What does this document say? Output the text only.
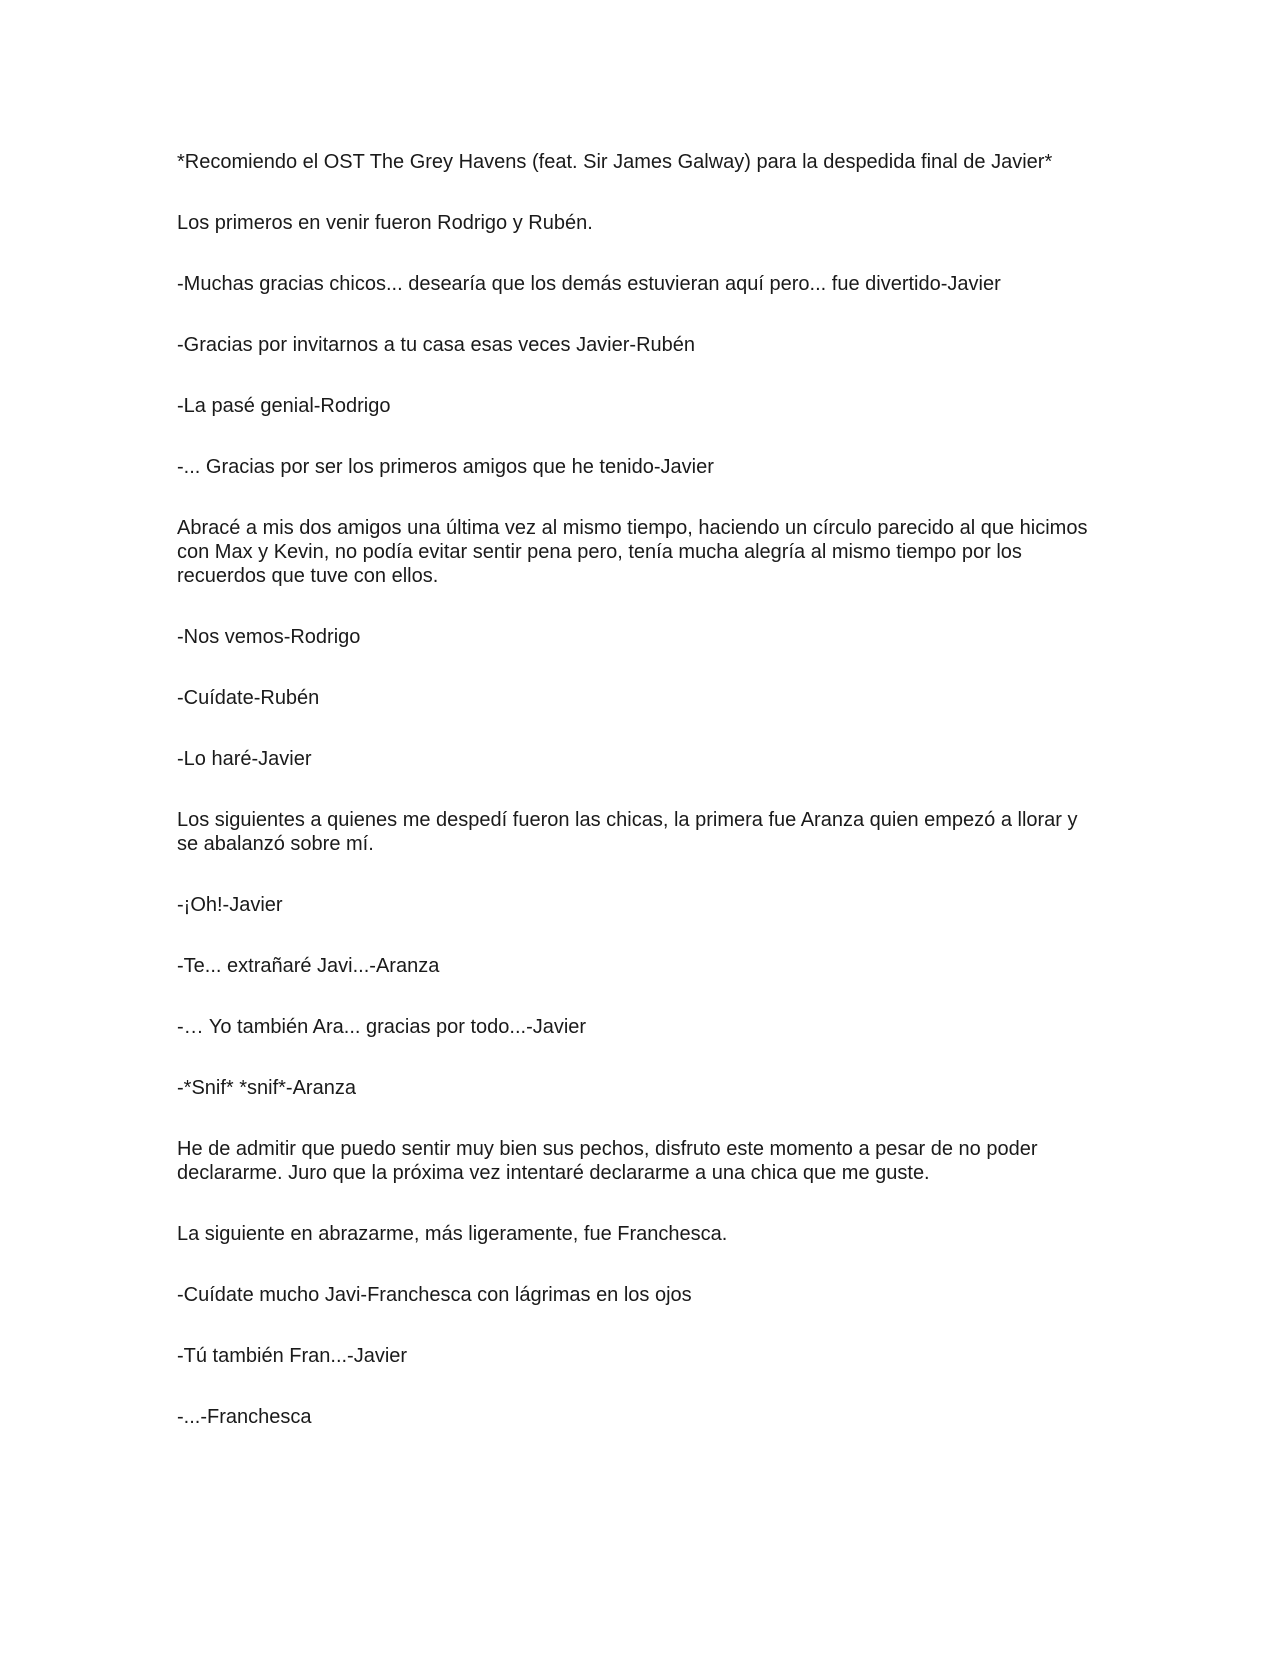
*Recomiendo el OST The Grey Havens (feat. Sir James Galway) para la despedida final de Javier*

Los primeros en venir fueron Rodrigo y Rubén.

-Muchas gracias chicos... desearía que los demás estuvieran aquí pero... fue divertido-Javier

-Gracias por invitarnos a tu casa esas veces Javier-Rubén

-La pasé genial-Rodrigo

-... Gracias por ser los primeros amigos que he tenido-Javier

Abracé a mis dos amigos una última vez al mismo tiempo, haciendo un círculo parecido al que hicimos con Max y Kevin, no podía evitar sentir pena pero, tenía mucha alegría al mismo tiempo por los recuerdos que tuve con ellos.

-Nos vemos-Rodrigo

-Cuídate-Rubén

-Lo haré-Javier

Los siguientes a quienes me despedí fueron las chicas, la primera fue Aranza quien empezó a llorar y se abalanzó sobre mí.

-¡Oh!-Javier

-Te... extrañaré Javi...-Aranza

-… Yo también Ara... gracias por todo...-Javier

-*Snif* *snif*-Aranza

He de admitir que puedo sentir muy bien sus pechos, disfruto este momento a pesar de no poder declararme. Juro que la próxima vez intentaré declararme a una chica que me guste.

La siguiente en abrazarme, más ligeramente, fue Franchesca.

-Cuídate mucho Javi-Franchesca con lágrimas en los ojos

-Tú también Fran...-Javier

-...-Franchesca
